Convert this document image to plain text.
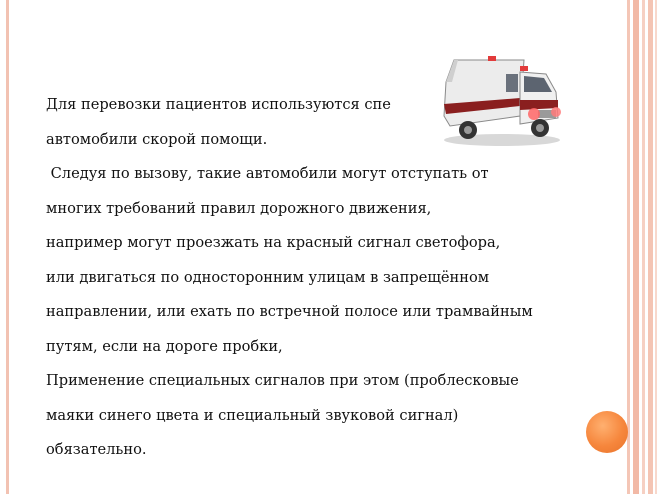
Для перевозки пациентов используются спе
автомобили скорой помощи.
Следуя по вызову, такие автомобили могут отступать от
многих требований правил дорожного движения,
например могут проезжать на красный сигнал светофора,
или двигаться по односторонним улицам в запрещённом
направлении, или ехать по встречной полосе или трамвайным
путям, если на дороге пробки,
Применение специальных сигналов при этом (проблесковые
маяки синего цвета и специальный звуковой сигнал)
обязательно.
